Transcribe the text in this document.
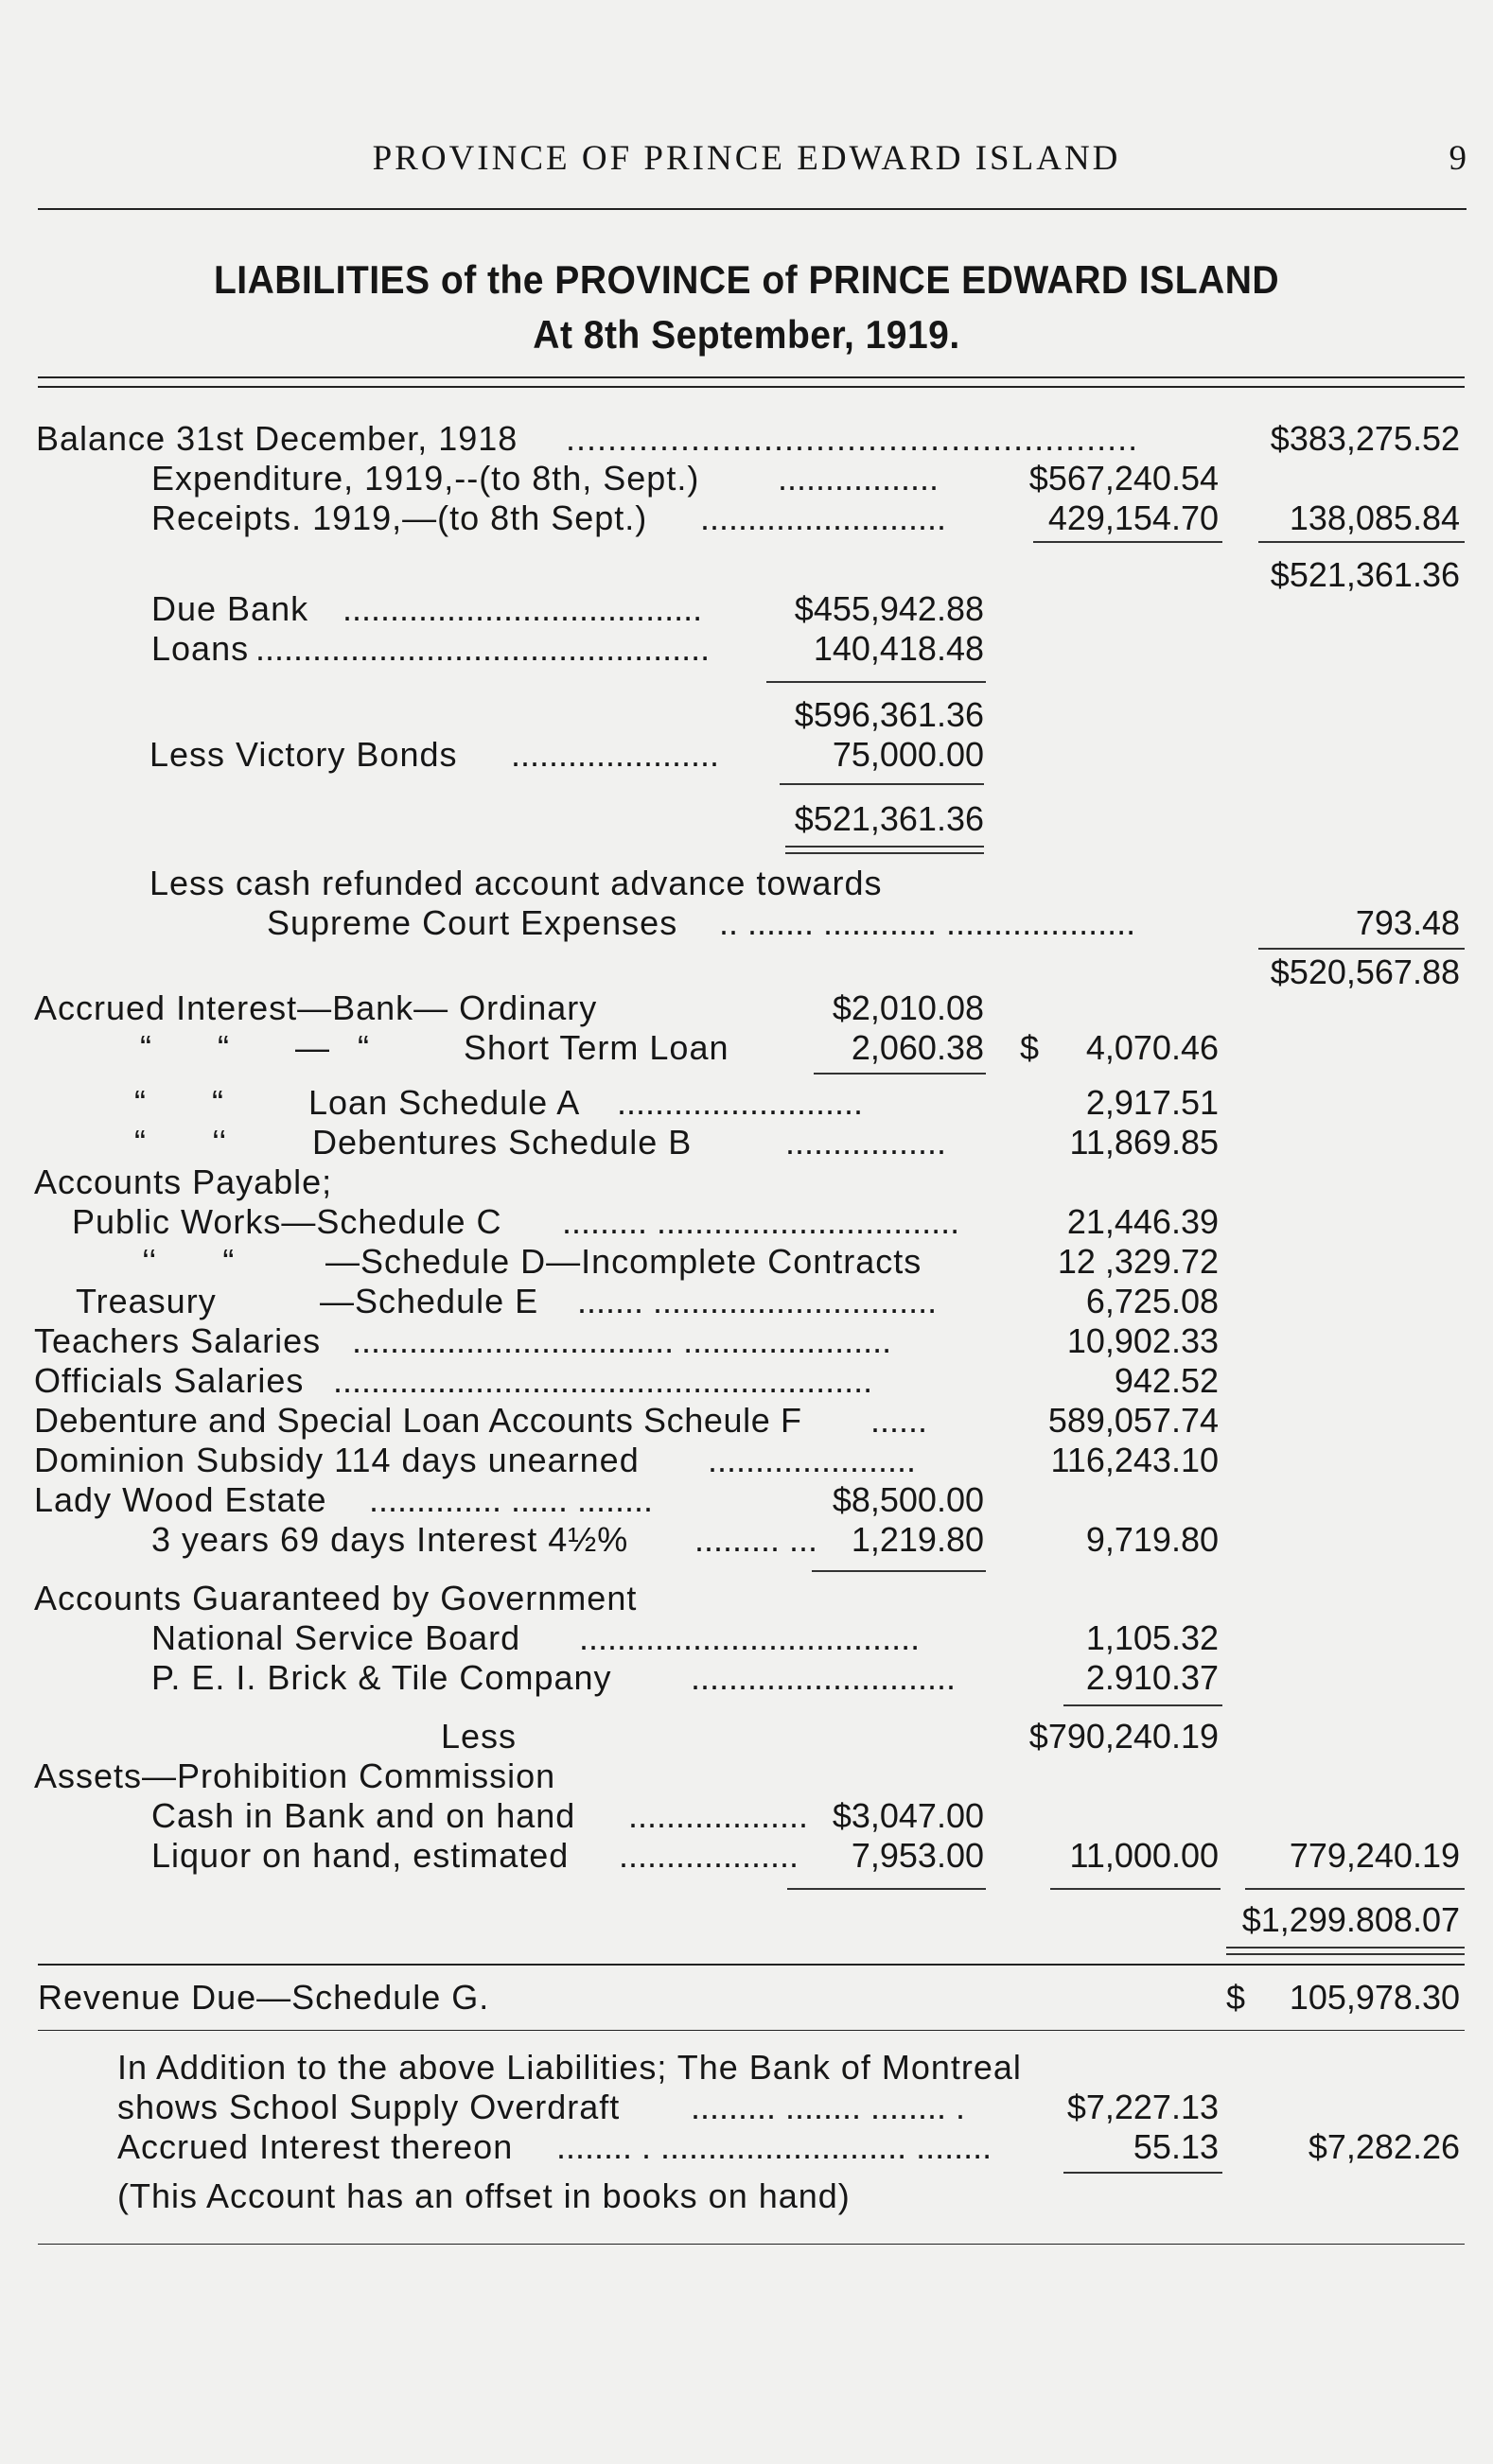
PROVINCE OF PRINCE EDWARD ISLAND	9
LIABILITIES of the PROVINCE of PRINCE EDWARD ISLAND
At 8th September, 1919.
Balance 31st December, 1918 .......................................................	$383,275.52
Expenditure, 1919,--(to 8th, Sept.) .................	$567,240.54
Receipts. 1919,—(to 8th Sept.) ..........................	429,154.70 138,085.84
$521,361.36
Due Bank ......................................	$455,942.88
Loans ................................................	140,418.48
$596,361.36
Less Victory Bonds ......................	75,000.00
$521,361.36
Less cash refunded account advance towards
Supreme Court Expenses .. ....... ............ ....................	793.48
$520,567.88
Accrued Interest—Bank— Ordinary	$2,010.08
“       “       —   “	Short Term Loan	2,060.38 $ 4,070.46
“       “	Loan Schedule A ..........................	2,917.51
“       ‘‘	Debentures Schedule B	.................	11,869.85
Accounts Payable;
Public Works—Schedule C ......... ................................	21,446.39
‘‘       “	—Schedule D—Incomplete Contracts	12 ,329.72
Treasury	—Schedule E ....... ..............................	6,725.08
Teachers Salaries .................................. ......................	10,902.33
Officials Salaries .........................................................	942.52
Debenture and Special Loan Accounts Scheule F ......	589,057.74
Dominion Subsidy 114 days unearned ......................	116,243.10
Lady Wood Estate .............. ...... ........	$8,500.00
3 years 69 days Interest 4½% ......... ... 1,219.80	9,719.80
Accounts Guaranteed by Government
National Service Board ....................................	1,105.32
P. E. I. Brick & Tile Company ............................	2.910.37
Less	$790,240.19
Assets—Prohibition Commission
Cash in Bank and on hand ................... $3,047.00
Liquor on hand, estimated ................... 7,953.00	11,000.00 779,240.19
$1,299.808.07
Revenue Due—Schedule G.	$ 105,978.30
In Addition to the above Liabilities; The Bank of Montreal
shows School Supply Overdraft ......... ........ ........ .	$7,227.13
Accrued Interest thereon ........ . .......................... ........	55.13	$7,282.26
(This Account has an offset in books on hand)
